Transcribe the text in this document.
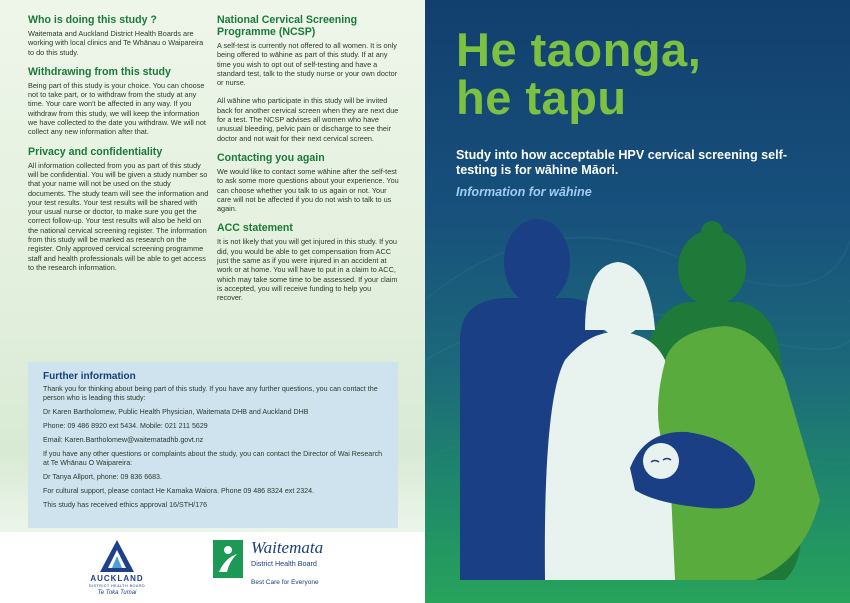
Who is doing this study ?

Waitemata and Auckland District Health Boards are working with local clinics and Te Whānau o Waipareira to do this study.

Withdrawing from this study

Being part of this study is your choice. You can choose not to take part, or to withdraw from the study at any time. Your care won't be affected in any way. If you withdraw from this study, we will keep the information we have collected to the date you withdraw. We will not collect any new information after that.

Privacy and confidentiality

All information collected from you as part of this study will be confidential. You will be given a study number so that your name will not be used on the study documents. The study team will see the information and your test results. Your test results will be shared with your usual nurse or doctor, to make sure you get the correct follow-up. Your test results will also be held on the national cervical screening register. The information from this study will be marked as research on the register. Only approved cervical screening programme staff and health professionals will be able to get access to the research information.

National Cervical Screening Programme (NCSP)

A self-test is currently not offered to all women. It is only being offered to wāhine as part of this study. If at any time you wish to opt out of self-testing and have a standard test, talk to the study nurse or your own doctor or nurse.

All wāhine who participate in this study will be invited back for another cervical screen when they are next due for a test. The NCSP advises all women who have unusual bleeding, pelvic pain or discharge to see their doctor and not wait for their next cervical screen.

Contacting you again

We would like to contact some wāhine after the self-test to ask some more questions about your experience. You can choose whether you talk to us again or not. Your care will not be affected if you do not wish to talk to us again.

ACC statement

It is not likely that you will get injured in this study. If you did, you would be able to get compensation from ACC just the same as if you were injured in an accident at work or at home. You will have to put in a claim to ACC, which may take some time to be assessed. If your claim is accepted, you will receive funding to help you recover.

Further information

Thank you for thinking about being part of this study. If you have any further questions, you can contact the person who is leading this study:

Dr Karen Bartholomew, Public Health Physician, Waitemata DHB and Auckland DHB

Phone: 09 486 8920 ext 5434. Mobile: 021 211 5629

Email: Karen.Bartholomew@waitematadhb.govt.nz

If you have any other questions or complaints about the study, you can contact the Director of Wai Research at Te Whānau O Waipareira:

Dr Tanya Allport, phone: 09 836 6683.

For cultural support, please contact He Kamaka Waiora. Phone 09 486 8324 ext 2324.

This study has received ethics approval 16/STH/176

AUCKLAND
DISTRICT HEALTH BOARD
Te Toka Tumai
Waitemata
District Health Board
Best Care for Everyone
He taonga,
he tapu
Study into how acceptable HPV cervical screening self-testing is for wāhine Māori.
Information for wāhine
